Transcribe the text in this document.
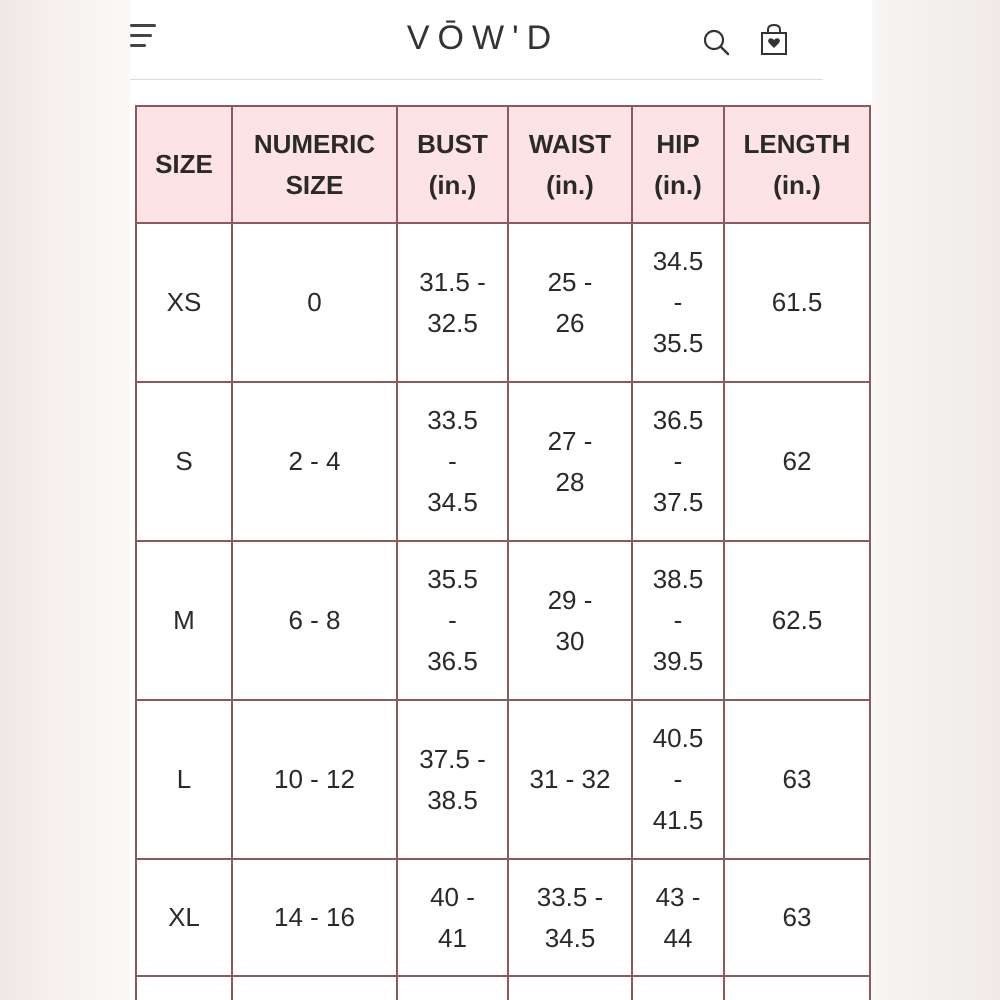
VŌW'D
SIZE	NUMERIC SIZE	BUST (in.)	WAIST (in.)	HIP (in.)	LENGTH (in.)
XS	0	31.5 - 32.5	25 - 26	34.5 - 35.5	61.5
S	2 - 4	33.5 - 34.5	27 - 28	36.5 - 37.5	62
M	6 - 8	35.5 - 36.5	29 - 30	38.5 - 39.5	62.5
L	10 - 12	37.5 - 38.5	31 - 32	40.5 - 41.5	63
XL	14 - 16	40 - 41	33.5 - 34.5	43 - 44	63
